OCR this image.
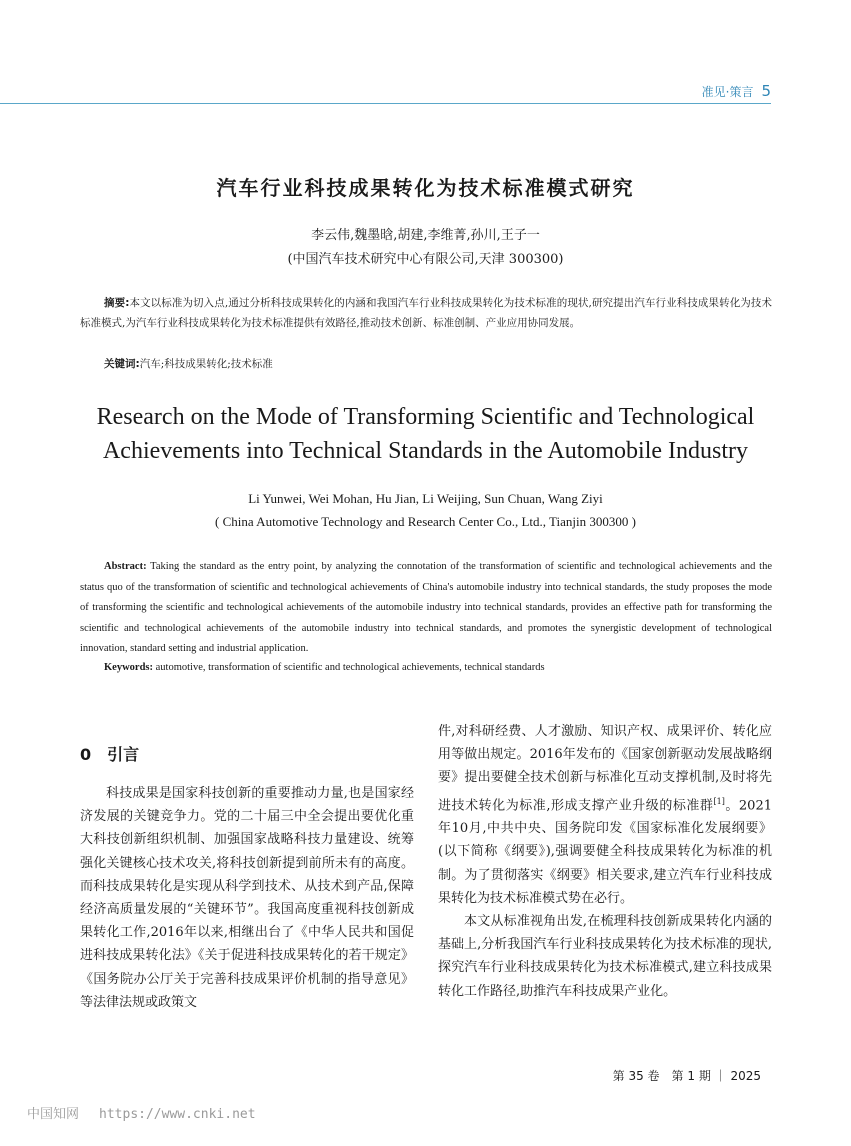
准见·策言 5
汽车行业科技成果转化为技术标准模式研究
李云伟,魏墨晗,胡建,李维菁,孙川,王子一
(中国汽车技术研究中心有限公司,天津 300300)
摘要:本文以标准为切入点,通过分析科技成果转化的内涵和我国汽车行业科技成果转化为技术标准的现状,研究提出汽车行业科技成果转化为技术标准模式,为汽车行业科技成果转化为技术标准提供有效路径,推动技术创新、标准创制、产业应用协同发展。
关键词:汽车;科技成果转化;技术标准
Research on the Mode of Transforming Scientific and Technological
Achievements into Technical Standards in the Automobile Industry
Li Yunwei, Wei Mohan, Hu Jian, Li Weijing, Sun Chuan, Wang Ziyi
( China Automotive Technology and Research Center Co., Ltd., Tianjin 300300 )
Abstract: Taking the standard as the entry point, by analyzing the connotation of the transformation of scientific and technological achievements and the status quo of the transformation of scientific and technological achievements of China's automobile industry into technical standards, the study proposes the mode of transforming the scientific and technological achievements of the automobile industry into technical standards, provides an effective path for transforming the scientific and technological achievements of the automobile industry into technical standards, and promotes the synergistic development of technological innovation, standard setting and industrial application.
Keywords: automotive, transformation of scientific and technological achievements, technical standards
0 引言

科技成果是国家科技创新的重要推动力量,也是国家经济发展的关键竞争力。党的二十届三中全会提出要优化重大科技创新组织机制、加强国家战略科技力量建设、统筹强化关键核心技术攻关,将科技创新提到前所未有的高度。而科技成果转化是实现从科学到技术、从技术到产品,保障经济高质量发展的“关键环节”。我国高度重视科技创新成果转化工作,2016年以来,相继出台了《中华人民共和国促进科技成果转化法》《关于促进科技成果转化的若干规定》《国务院办公厅关于完善科技成果评价机制的指导意见》等法律法规或政策文

件,对科研经费、人才激励、知识产权、成果评价、转化应用等做出规定。2016年发布的《国家创新驱动发展战略纲要》提出要健全技术创新与标准化互动支撑机制,及时将先进技术转化为标准,形成支撑产业升级的标准群[1]。2021年10月,中共中央、国务院印发《国家标准化发展纲要》(以下简称《纲要》),强调要健全科技成果转化为标准的机制。为了贯彻落实《纲要》相关要求,建立汽车行业科技成果转化为技术标准模式势在必行。

本文从标准视角出发,在梳理科技创新成果转化内涵的基础上,分析我国汽车行业科技成果转化为技术标准的现状,探究汽车行业科技成果转化为技术标准模式,建立科技成果转化工作路径,助推汽车科技成果产业化。

第 35 卷　第 1 期 ｜ 2025
中国知网 https://www.cnki.net
